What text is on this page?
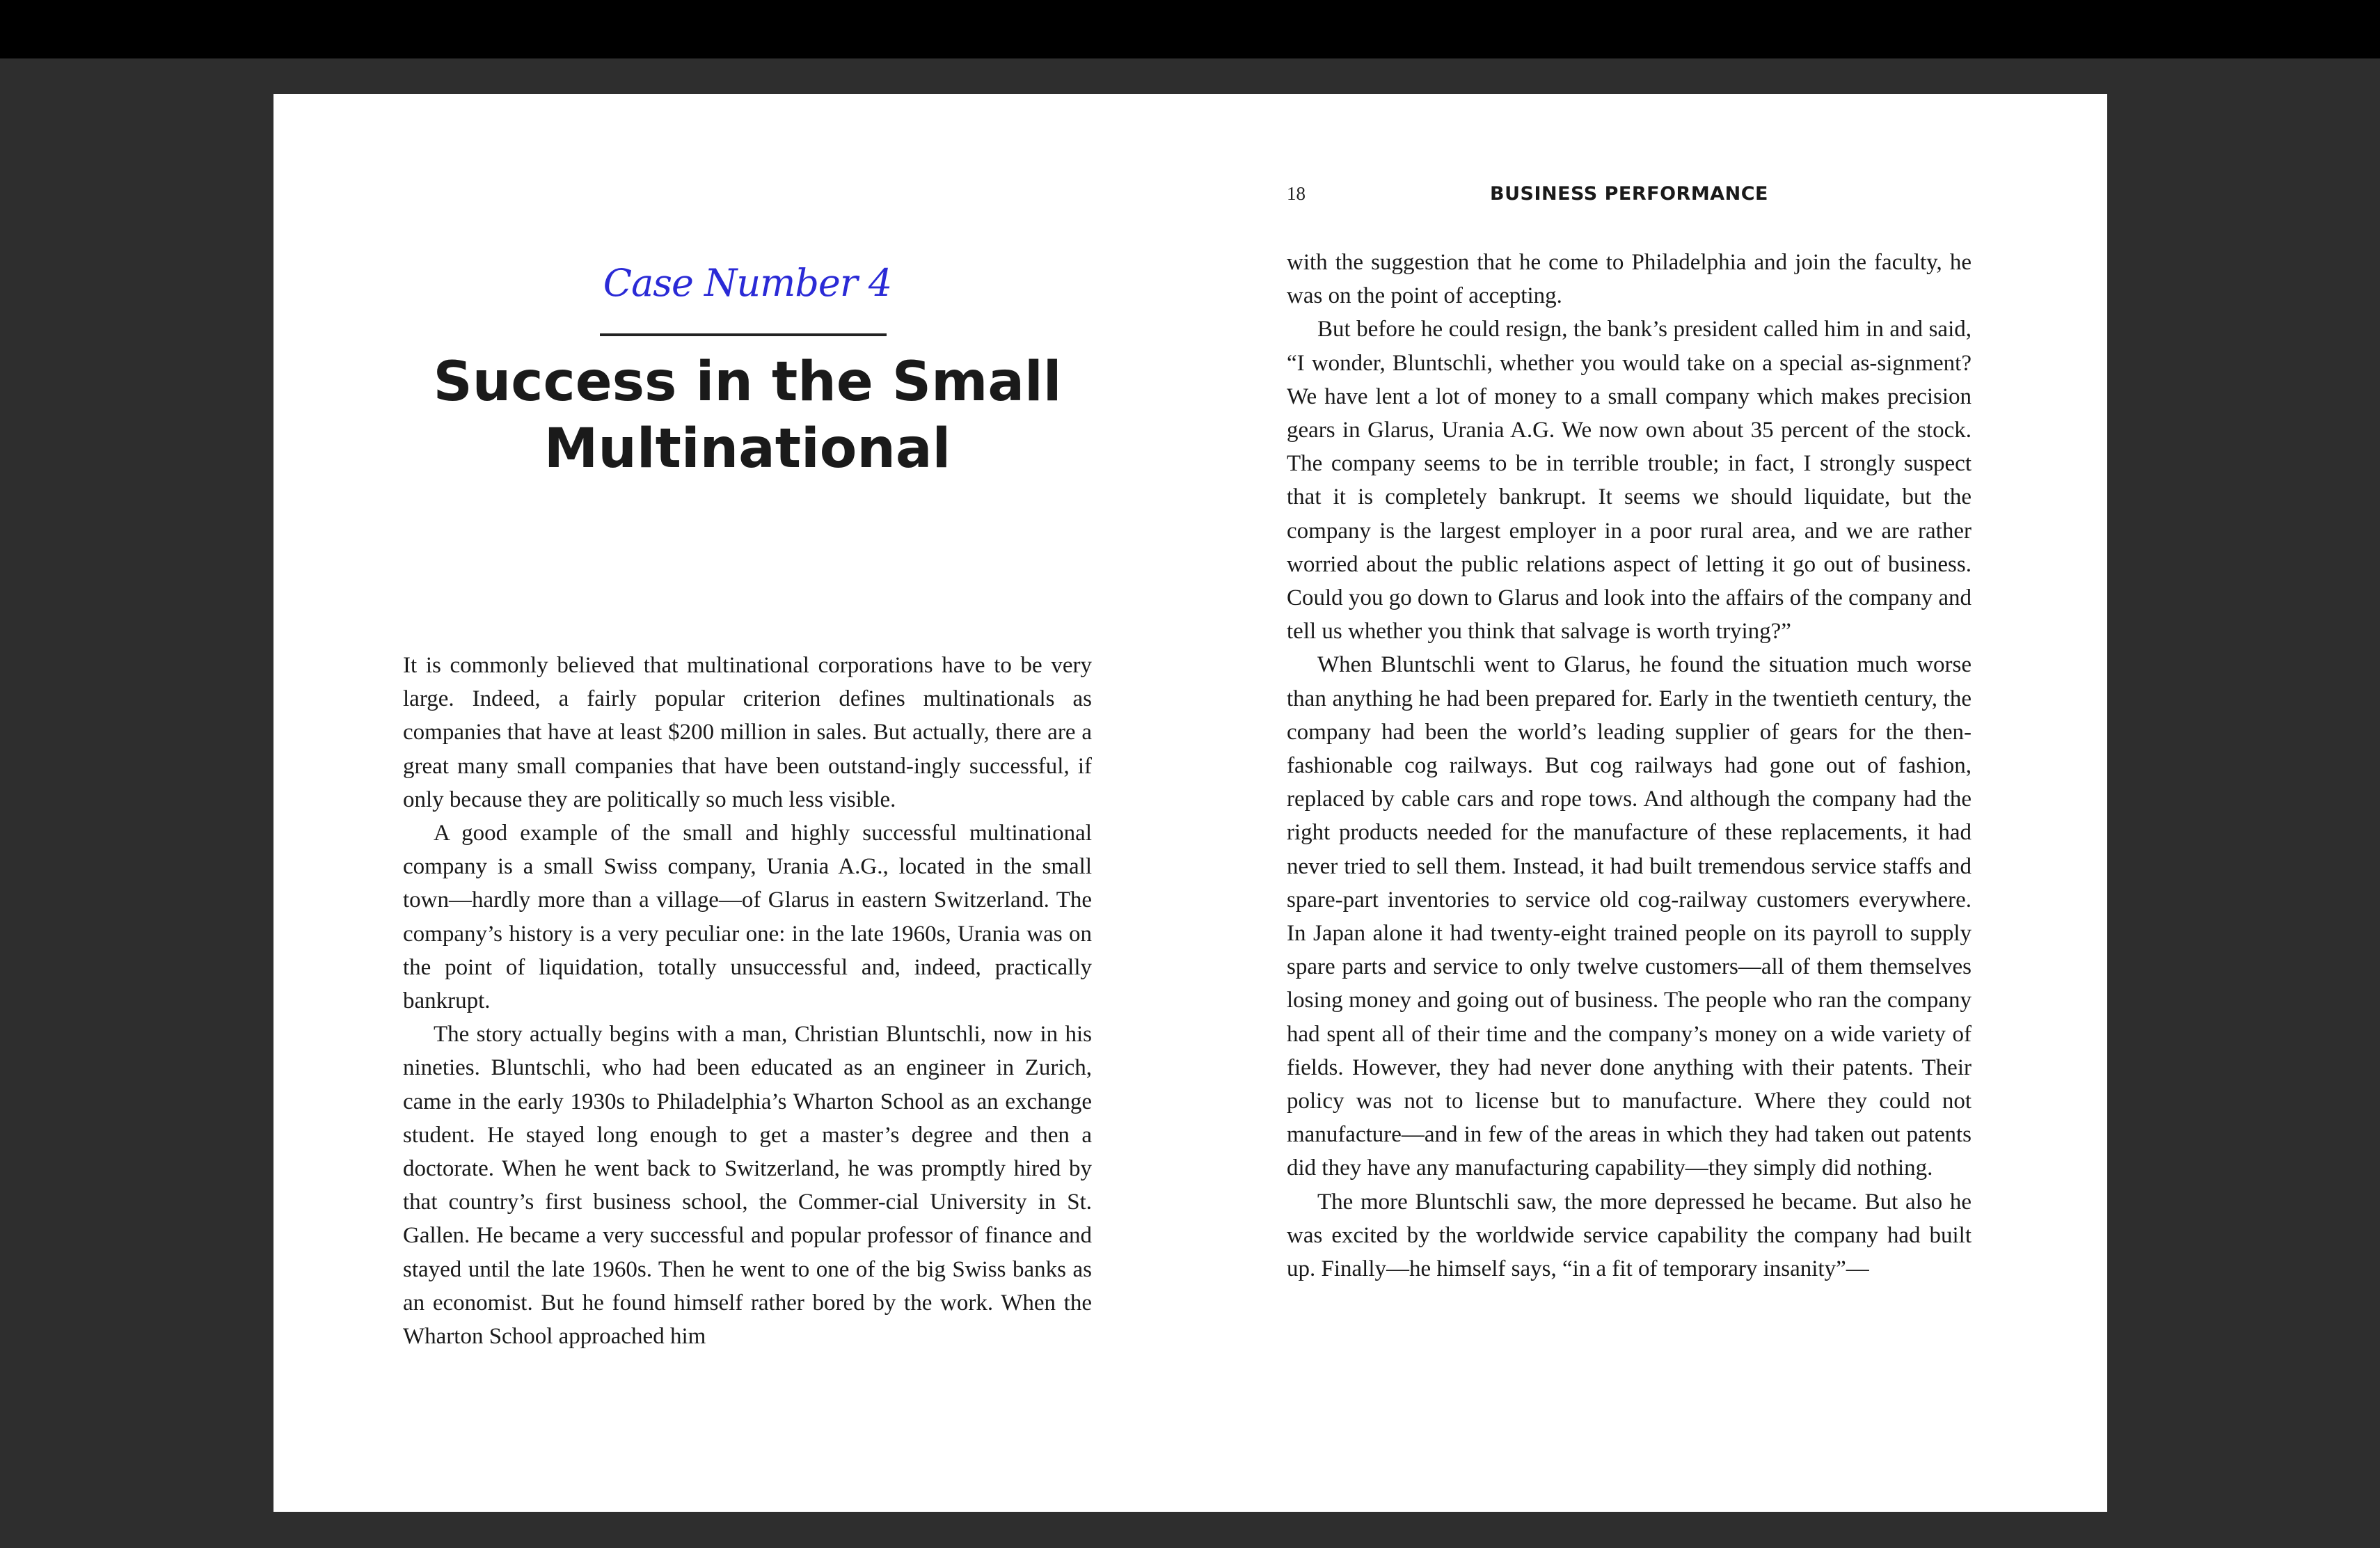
Case Number 4
Success in the Small
Multinational

It is commonly believed that multinational corporations have to be very large. Indeed, a fairly popular criterion defines multinationals as companies that have at least $200 million in sales. But actually, there are a great many small companies that have been outstand-ingly successful, if only because they are politically so much less visible.

A good example of the small and highly successful multinational company is a small Swiss company, Urania A.G., located in the small town—hardly more than a village—of Glarus in eastern Switzerland. The company’s history is a very peculiar one: in the late 1960s, Urania was on the point of liquidation, totally unsuccessful and, indeed, practically bankrupt.

The story actually begins with a man, Christian Bluntschli, now in his nineties. Bluntschli, who had been educated as an engineer in Zurich, came in the early 1930s to Philadelphia’s Wharton School as an exchange student. He stayed long enough to get a master’s degree and then a doctorate. When he went back to Switzerland, he was promptly hired by that country’s first business school, the Commer-cial University in St. Gallen. He became a very successful and popular professor of finance and stayed until the late 1960s. Then he went to one of the big Swiss banks as an economist. But he found himself rather bored by the work. When the Wharton School approached him

BUSINESS PERFORMANCE
18

with the suggestion that he come to Philadelphia and join the faculty, he was on the point of accepting.

But before he could resign, the bank’s president called him in and said, “I wonder, Bluntschli, whether you would take on a special as-signment? We have lent a lot of money to a small company which makes precision gears in Glarus, Urania A.G. We now own about 35 percent of the stock. The company seems to be in terrible trouble; in fact, I strongly suspect that it is completely bankrupt. It seems we should liquidate, but the company is the largest employer in a poor rural area, and we are rather worried about the public relations aspect of letting it go out of business. Could you go down to Glarus and look into the affairs of the company and tell us whether you think that salvage is worth trying?”

When Bluntschli went to Glarus, he found the situation much worse than anything he had been prepared for. Early in the twentieth century, the company had been the world’s leading supplier of gears for the then-fashionable cog railways. But cog railways had gone out of fashion, replaced by cable cars and rope tows. And although the company had the right products needed for the manufacture of these replacements, it had never tried to sell them. Instead, it had built tremendous service staffs and spare-part inventories to service old cog-railway customers everywhere. In Japan alone it had twenty-eight trained people on its payroll to supply spare parts and service to only twelve customers—all of them themselves losing money and going out of business. The people who ran the company had spent all of their time and the company’s money on a wide variety of fields. However, they had never done anything with their patents. Their policy was not to license but to manufacture. Where they could not manufacture—and in few of the areas in which they had taken out patents did they have any manufacturing capability—they simply did nothing.

The more Bluntschli saw, the more depressed he became. But also he was excited by the worldwide service capability the company had built up. Finally—he himself says, “in a fit of temporary insanity”—
